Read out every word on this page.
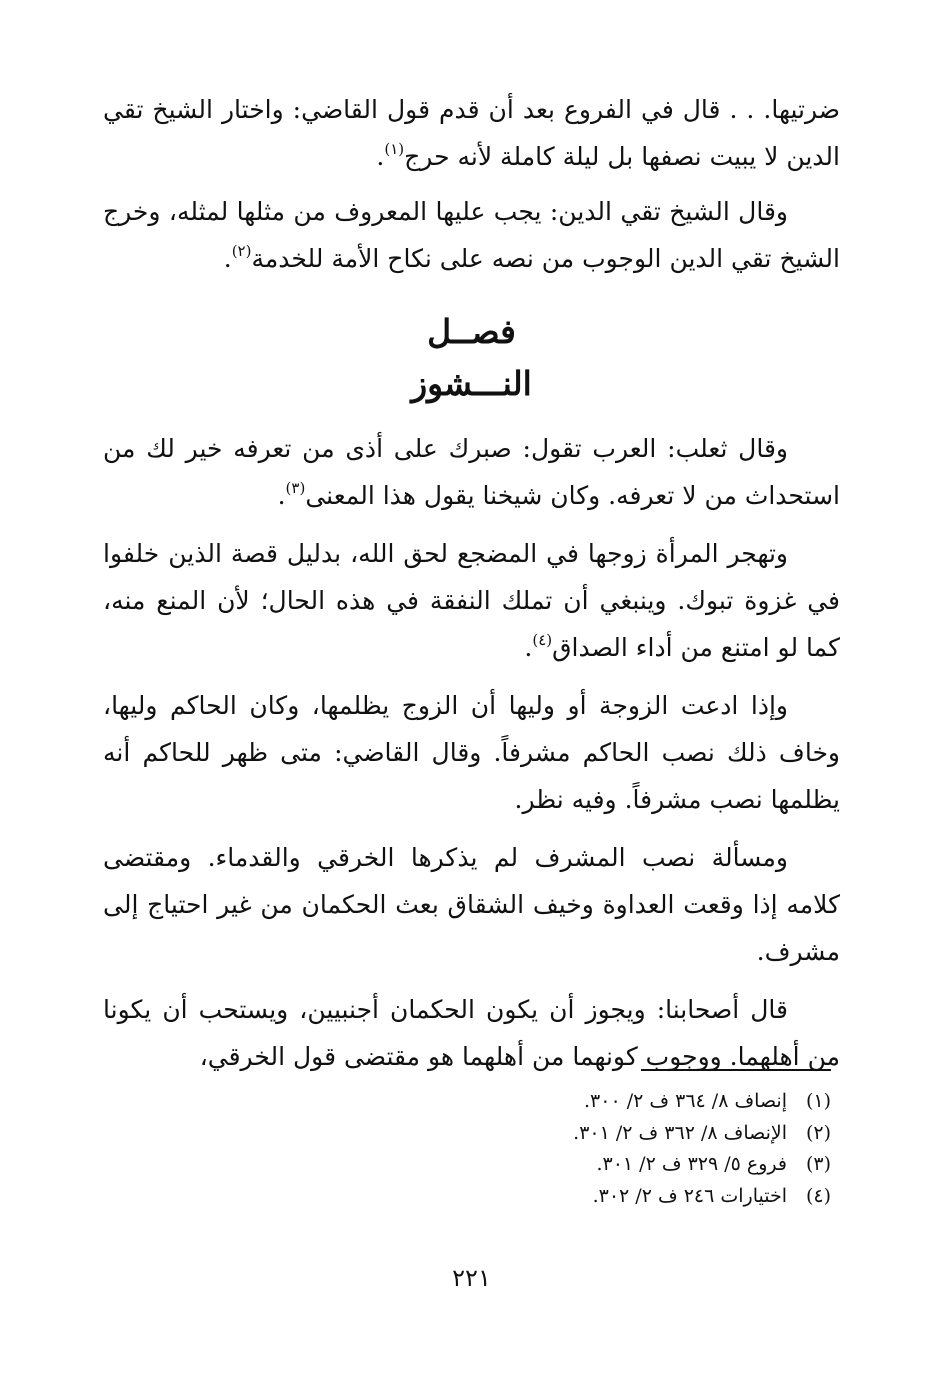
ضرتيها. . . قال في الفروع بعد أن قدم قول القاضي: واختار الشيخ تقي الدين لا يبيت نصفها بل ليلة كاملة لأنه حرج$^{(١)}$.

وقال الشيخ تقي الدين: يجب عليها المعروف من مثلها لمثله، وخرج الشيخ تقي الدين الوجوب من نصه على نكاح الأمة للخدمة$^{(٢)}$.

فصــل
النـــشوز

وقال ثعلب: العرب تقول: صبرك على أذى من تعرفه خير لك من استحداث من لا تعرفه. وكان شيخنا يقول هذا المعنى$^{(٣)}$.

وتهجر المرأة زوجها في المضجع لحق الله، بدليل قصة الذين خلفوا في غزوة تبوك. وينبغي أن تملك النفقة في هذه الحال؛ لأن المنع منه، كما لو امتنع من أداء الصداق$^{(٤)}$.

وإذا ادعت الزوجة أو وليها أن الزوج يظلمها، وكان الحاكم وليها، وخاف ذلك نصب الحاكم مشرفاً. وقال القاضي: متى ظهر للحاكم أنه يظلمها نصب مشرفاً. وفيه نظر.

ومسألة نصب المشرف لم يذكرها الخرقي والقدماء. ومقتضى كلامه إذا وقعت العداوة وخيف الشقاق بعث الحكمان من غير احتياج إلى مشرف.

قال أصحابنا: ويجوز أن يكون الحكمان أجنبيين، ويستحب أن يكونا من أهلهما. ووجوب كونهما من أهلهما هو مقتضى قول الخرقي،

(١)إنصاف ٨/ ٣٦٤ ف ٢/ ٣٠٠.
(٢)الإنصاف ٨/ ٣٦٢ ف ٢/ ٣٠١.
(٣)فروع ٥/ ٣٢٩ ف ٢/ ٣٠١.
(٤)اختيارات ٢٤٦ ف ٢/ ٣٠٢.
٢٢١
